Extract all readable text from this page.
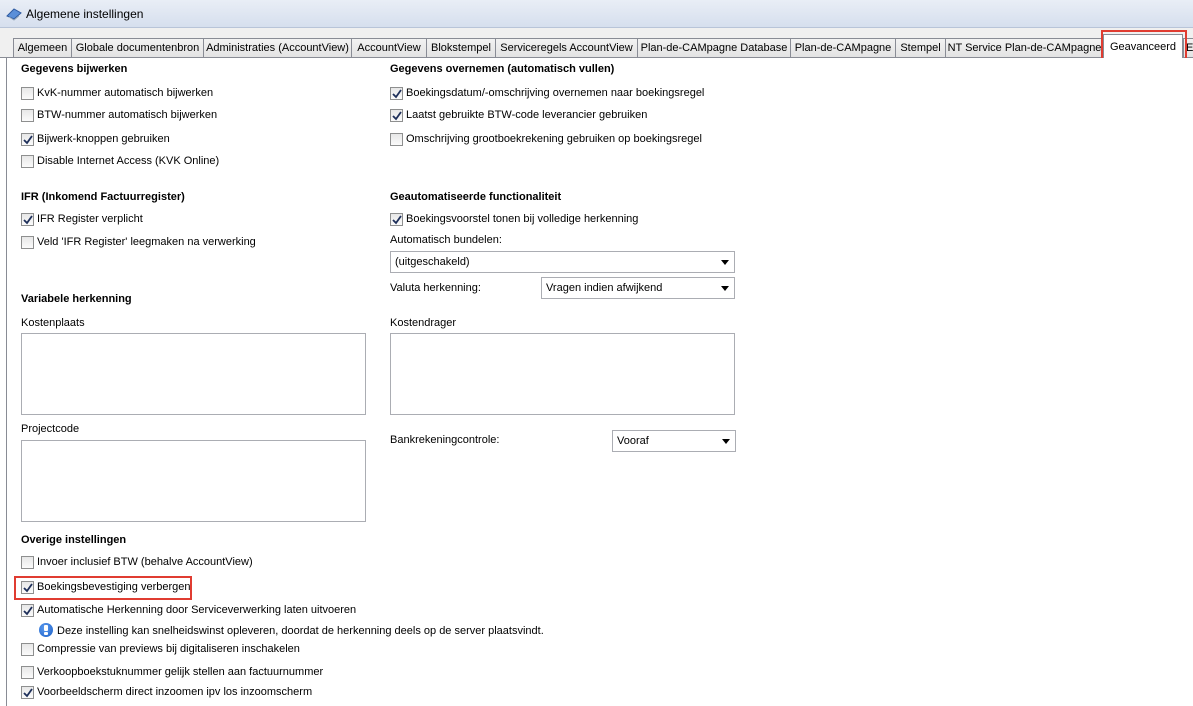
Algemene instellingen
Algemeen Globale documentenbron Administraties (AccountView) AccountView Blokstempel Serviceregels AccountView Plan-de-CAMpagne Database Plan-de-CAMpagne Stempel NT Service Plan-de-CAMpagne Geavanceerd E
Gegevens bijwerken
KvK-nummer automatisch bijwerken
BTW-nummer automatisch bijwerken
Bijwerk-knoppen gebruiken
Disable Internet Access (KVK Online)
IFR (Inkomend Factuurregister)
IFR Register verplicht
Veld 'IFR Register' leegmaken na verwerking
Variabele herkenning
Kostenplaats
Projectcode
Overige instellingen
Invoer inclusief BTW (behalve AccountView)
Boekingsbevestiging verbergen
Automatische Herkenning door Serviceverwerking laten uitvoeren
Deze instelling kan snelheidswinst opleveren, doordat de herkenning deels op de server plaatsvindt.
Compressie van previews bij digitaliseren inschakelen
Verkoopboekstuknummer gelijk stellen aan factuurnummer
Voorbeeldscherm direct inzoomen ipv los inzoomscherm
Gegevens overnemen (automatisch vullen)
Boekingsdatum/-omschrijving overnemen naar boekingsregel
Laatst gebruikte BTW-code leverancier gebruiken
Omschrijving grootboekrekening gebruiken op boekingsregel
Geautomatiseerde functionaliteit
Boekingsvoorstel tonen bij volledige herkenning
Automatisch bundelen:
(uitgeschakeld)
Valuta herkenning:	Vragen indien afwijkend
Kostendrager
Bankrekeningcontrole:	Vooraf
